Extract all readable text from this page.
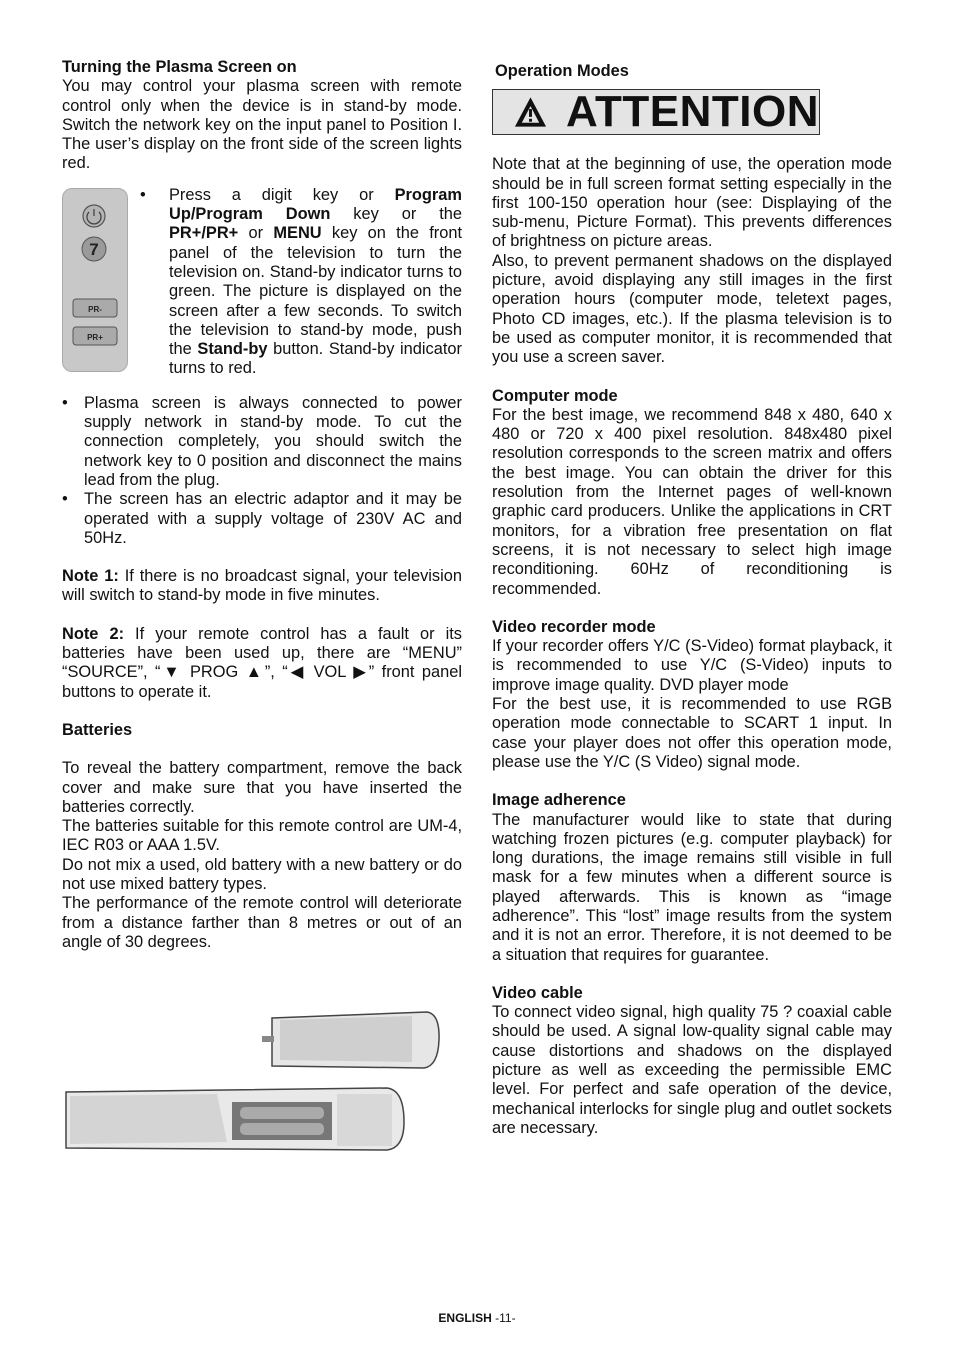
Turning the Plasma Screen on

You may control your plasma screen with remote control only when the device is in stand-by mode. Switch the network key on the input panel to Position I. The user’s display on the front side of the screen lights red.

7
PR-
PR+

• Press a digit key or Program Up/Program Down key or the PR+/PR+ or MENU key on the front panel of the television to turn the television on. Stand-by indicator turns to green. The picture is displayed on the screen after a few seconds. To switch the television to stand-by mode, push the Stand-by button. Stand-by indicator turns to red.

• Plasma screen is always connected to power supply network in stand-by mode. To cut the connection completely, you should switch the network key to 0 position and disconnect the mains lead from the plug.

• The screen has an electric adaptor and it may be operated with a supply voltage of 230V AC and 50Hz.

Note 1: If there is no broadcast signal, your television will switch to stand-by mode in five minutes.

Note 2: If your remote control has a fault or its batteries have been used up, there are “MENU” “SOURCE”, “▼ PROG ▲”, “◀ VOL ▶” front panel buttons to operate it.

Batteries

To reveal the battery compartment, remove the back cover and make sure that you have inserted the batteries correctly.

The batteries suitable for this remote control are UM-4, IEC R03 or AAA 1.5V.

Do not mix a used, old battery with a new battery or do not use mixed battery types.

The performance of the remote control will deteriorate from a distance farther than 8 metres or out of an angle of 30 degrees.

Operation Modes

ATTENTION

Note that at the beginning of use, the operation mode should be in full screen format setting especially in the first 100-150 operation hour (see: Displaying of the sub-menu, Picture Format). This prevents differences of brightness on picture areas.

Also, to prevent permanent shadows on the displayed picture, avoid displaying any still images in the first operation hours (computer mode, teletext pages, Photo CD images, etc.). If the plasma television is to be used as computer monitor, it is recommended that you use a screen saver.

Computer mode

For the best image, we recommend 848 x 480, 640 x 480 or 720 x 400 pixel resolution. 848x480 pixel resolution corresponds to the screen matrix and offers the best image. You can obtain the driver for this resolution from the Internet pages of well-known graphic card producers. Unlike the applications in CRT monitors, for a vibration free presentation on flat screens, it is not necessary to select high image reconditioning. 60Hz of reconditioning is recommended.

Video recorder mode

If your recorder offers Y/C (S-Video) format playback, it is recommended to use Y/C (S-Video) inputs to improve image quality. DVD player mode

For the best use, it is recommended to use RGB operation mode connectable to SCART 1 input. In case your player does not offer this operation mode, please use the Y/C (S Video) signal mode.

Image adherence

The manufacturer would like to state that during watching frozen pictures (e.g. computer playback) for long durations, the image remains still visible in full mask for a few minutes when a different source is played afterwards. This is known as “image adherence”. This “lost” image results from the system and it is not an error. Therefore, it is not deemed to be a situation that requires for guarantee.

Video cable

To connect video signal, high quality 75 ? coaxial cable should be used. A signal low-quality signal cable may cause distortions and shadows on the displayed picture as well as exceeding the permissible EMC level. For perfect and safe operation of the device, mechanical interlocks for single plug and outlet sockets are necessary.

ENGLISH -11-
